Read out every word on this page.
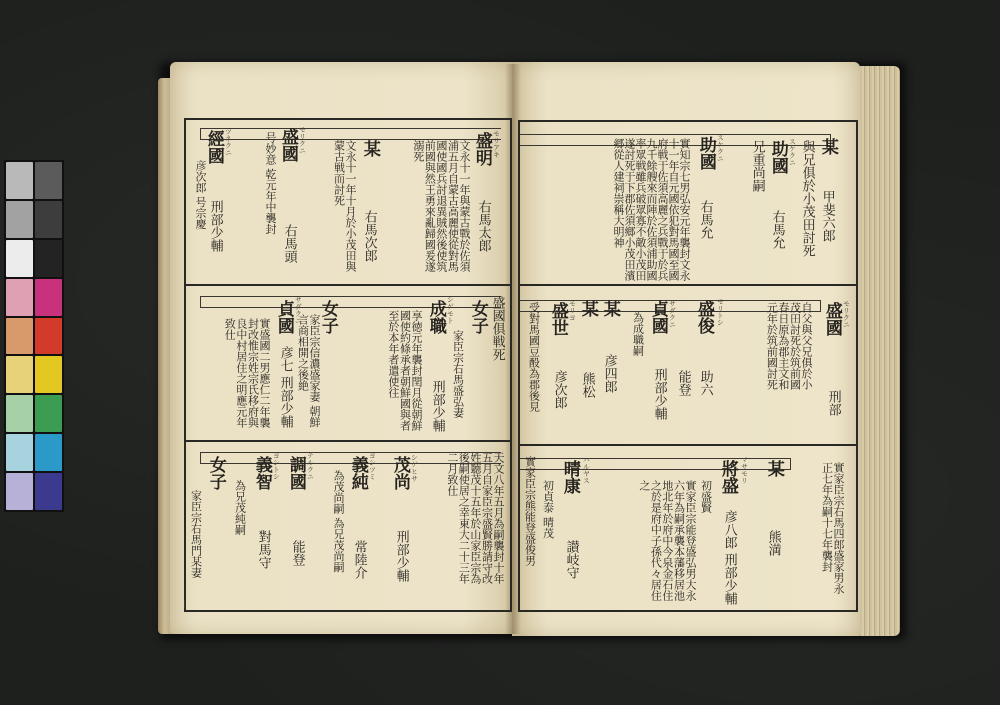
某
甲斐六郎
與兄俱於小茂田討死
スケクニ
助國
右馬允
兄重尚嗣
スケクニ
助國
右馬允
實知宗七男弘安元年襲封文永十一年自元國依犯對馬國至國府戦于佐須高麗之兵戰于於兵九千餘艘來而陣於佐須浦助國率眾戦雖兵破眾寡不敵小茂田遂討死于下郡佐須鄉小茂田濱郷從人建祠崇稱大明神
モリクニ
盛國
刑部
自父與父兄俱於小茂田討死於筑前國春日原為郡主文和元年於筑前國討死
モリトシ
盛俊
助六
能登
サダクニ
貞國
為成職嗣
刑部少輔
某
彦四郎
某
熊松
モリヨ
盛世
彦次郎
受對馬國豆酘為郡後見
實家臣宗右馬四郎盛家男永正七年為嗣十七年襲封
某
熊満
マサモリ
將盛
彦八郎 刑部少輔
初盛賢
實家臣宗能登盛弘男大永六年為嗣承襲本藩移居池地北年於府中今泉金石住之於是府中子孫代々居住之
ハルヤス
晴康
讃岐守
初貞泰 晴茂
實家臣宗熊能登盛俊男
モリアキ
盛明
右馬太郎
文永十一年與蒙古戰於佐須浦五月自蒙古高麗使從對馬國使國兵討退異賊然後使筑前國與然王勇來亂歸國爰遂溺死
某
右馬次郎
文永十一年十月於小茂田與蒙古戦而討死
モリクニ
盛國
右馬頭
号妙意 乾元年中襲封
ツネクニ
經國
刑部少輔
彦次郎 号宗慶
盛國俱戦死
女子
家臣宗右馬盛弘妻
シゲモト
成職
刑部少輔
享徳元年襲封閏月從朝鮮國使約條承者朝鮮國與者至於本年者遣使往
女子
家臣宗信濃盛家妻 朝鮮言商相開之後絶
サダクニ
貞國
彦七 刑部少輔
實盛國二男應仁二年襲封改惟宗姓宗氏移府與良中村居住之明應元年致仕
天文八年五月為嗣襲封十年五月自家臣宗盛賢勝請守改姓聽茂十五年於山家臣宗為後嗣使居之幸東大二十三年二月致仕
シゲヒサ
茂尚
刑部少輔
ヨシツミ
義純
常陸介
為茂尚嗣 為兄茂尚嗣
テルクニ
調國
能登
ヨシトシ
義智
對馬守
為兄茂純嗣
女子
家臣宗右馬門某妻
